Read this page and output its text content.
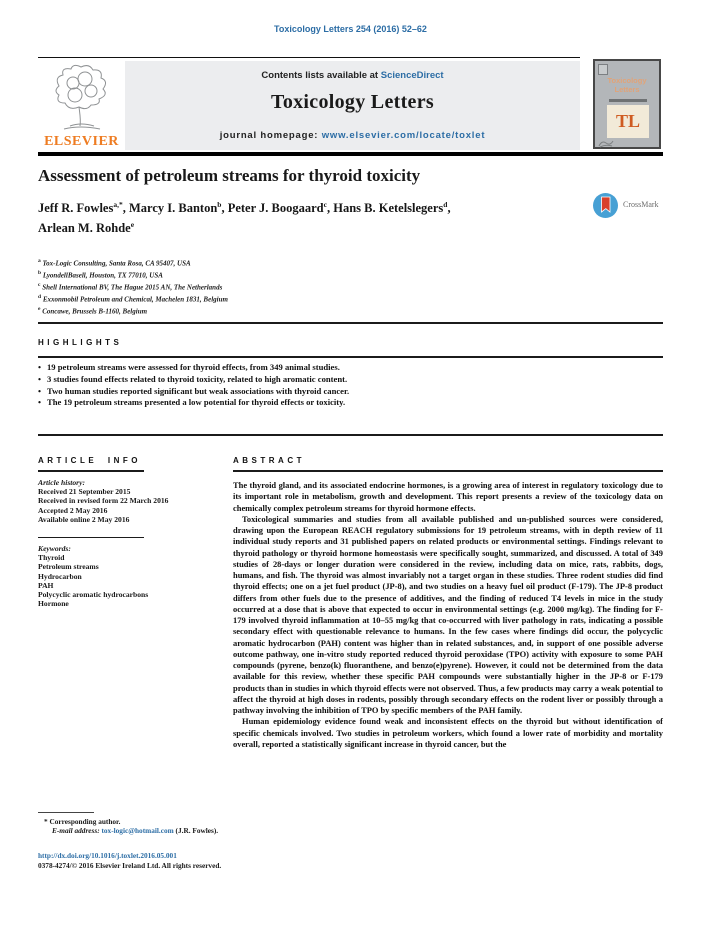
Toxicology Letters 254 (2016) 52–62
ELSEVIER
Contents lists available at ScienceDirect
Toxicology Letters
journal homepage: www.elsevier.com/locate/toxlet
Toxicology
Letters
TL
Assessment of petroleum streams for thyroid toxicity
CrossMark
Jeff R. Fowles$^{a,*}$, Marcy I. Banton$^b$, Peter J. Boogaard$^c$, Hans B. Ketelslegers$^d$,
Arlean M. Rohde$^e$
$^a$ Tox-Logic Consulting, Santa Rosa, CA 95407, USA
$^b$ LyondellBasell, Houston, TX 77010, USA
$^c$ Shell International BV, The Hague 2015 AN, The Netherlands
$^d$ Exxonmobil Petroleum and Chemical, Machelen 1831, Belgium
$^e$ Concawe, Brussels B-1160, Belgium
HIGHLIGHTS
• 19 petroleum streams were assessed for thyroid effects, from 349 animal studies.
• 3 studies found effects related to thyroid toxicity, related to high aromatic content.
• Two human studies reported significant but weak associations with thyroid cancer.
• The 19 petroleum streams presented a low potential for thyroid effects or toxicity.
ARTICLE INFO
Article history:
Received 21 September 2015
Received in revised form 22 March 2016
Accepted 2 May 2016
Available online 2 May 2016
Keywords:
Thyroid
Petroleum streams
Hydrocarbon
PAH
Polycyclic aromatic hydrocarbons
Hormone
ABSTRACT

The thyroid gland, and its associated endocrine hormones, is a growing area of interest in regulatory toxicology due to its important role in metabolism, growth and development. This report presents a review of the toxicology data on chemically complex petroleum streams for thyroid hormone effects.

Toxicological summaries and studies from all available published and un-published sources were considered, drawing upon the European REACH regulatory submissions for 19 petroleum streams, with in depth review of 11 individual study reports and 31 published papers on related products or environmental settings. Findings relevant to thyroid pathology or thyroid hormone homeostasis were specifically sought, summarized, and discussed. A total of 349 studies of 28-days or longer duration were considered in the review, including data on mice, rats, rabbits, dogs, humans, and fish. The thyroid was almost invariably not a target organ in these studies. Three rodent studies did find thyroid effects; one on a jet fuel product (JP-8), and two studies on a heavy fuel oil product (F-179). The JP-8 product differs from other fuels due to the presence of additives, and the finding of reduced T4 levels in mice in the study occurred at a dose that is above that expected to occur in environmental settings (e.g. 2000 mg/kg). The finding for F-179 involved thyroid inflammation at 10–55 mg/kg that co-occurred with liver pathology in rats, indicating a possible secondary effect with questionable relevance to humans. In the few cases where findings did occur, the polycyclic aromatic hydrocarbon (PAH) content was higher than in related substances, and, in support of one possible adverse outcome pathway, one in-vitro study reported reduced thyroid peroxidase (TPO) activity with exposure to some PAH compounds (pyrene, benzo(k) fluoranthene, and benzo(e)pyrene). However, it could not be determined from the data available for this review, whether these specific PAH compounds were substantially higher in the JP-8 or F-179 products than in studies in which thyroid effects were not observed. Thus, a few products may carry a weak potential to affect the thyroid at high doses in rodents, possibly through secondary effects on the rodent liver or possibly through a pathway involving the inhibition of TPO by specific members of the PAH family.

Human epidemiology evidence found weak and inconsistent effects on the thyroid but without identification of specific chemicals involved. Two studies in petroleum workers, which found a lower rate of morbidity and mortality overall, reported a statistically significant increase in thyroid cancer, but the

* Corresponding author.
E-mail address: tox-logic@hotmail.com (J.R. Fowles).
http://dx.doi.org/10.1016/j.toxlet.2016.05.001
0378-4274/© 2016 Elsevier Ireland Ltd. All rights reserved.
